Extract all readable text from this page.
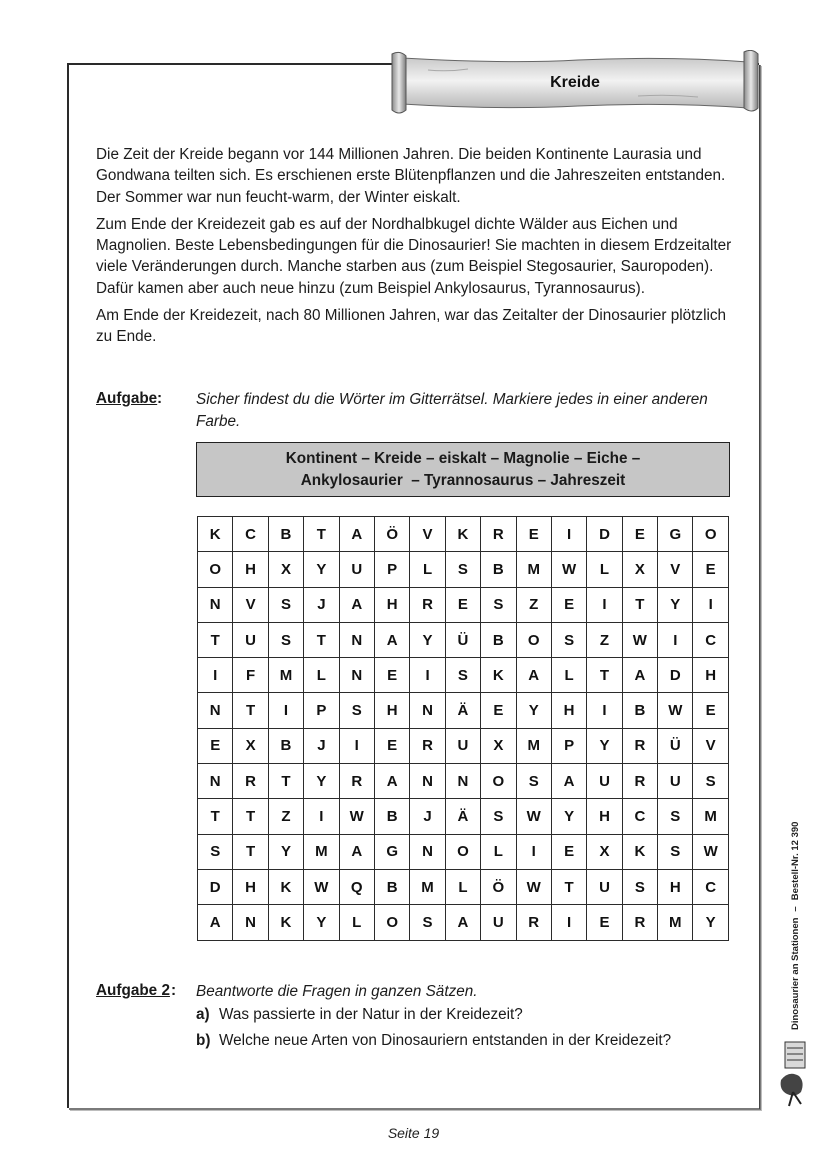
Kreide

Die Zeit der Kreide begann vor 144 Millionen Jahren. Die beiden Kontinente Laurasia und Gondwana teilten sich. Es erschienen erste Blütenpflanzen und die Jahreszeiten entstanden. Der Sommer war nun feucht-warm, der Winter eiskalt.

Zum Ende der Kreidezeit gab es auf der Nordhalbkugel dichte Wälder aus Eichen und Magnolien. Beste Lebensbedingungen für die Dinosaurier! Sie machten in diesem Erdzeitalter viele Veränderungen durch. Manche starben aus (zum Beispiel Stegosaurier, Sauropoden). Dafür kamen aber auch neue hinzu (zum Beispiel Ankylosaurus, Tyrannosaurus).

Am Ende der Kreidezeit, nach 80 Millionen Jahren, war das Zeitalter der Dinosaurier plötzlich zu Ende.

Aufgabe : Sicher findest du die Wörter im Gitterrätsel. Markiere jedes in einer anderen Farbe.
Kontinent – Kreide – eiskalt – Magnolie – Eiche –
Ankylosaurier  – Tyrannosaurus – Jahreszeit
K	C	B	T	A	Ö	V	K	R	E	I	D	E	G	O
O	H	X	Y	U	P	L	S	B	M	W	L	X	V	E
N	V	S	J	A	H	R	E	S	Z	E	I	T	Y	I
T	U	S	T	N	A	Y	Ü	B	O	S	Z	W	I	C
I	F	M	L	N	E	I	S	K	A	L	T	A	D	H
N	T	I	P	S	H	N	Ä	E	Y	H	I	B	W	E
E	X	B	J	I	E	R	U	X	M	P	Y	R	Ü	V
N	R	T	Y	R	A	N	N	O	S	A	U	R	U	S
T	T	Z	I	W	B	J	Ä	S	W	Y	H	C	S	M
S	T	Y	M	A	G	N	O	L	I	E	X	K	S	W
D	H	K	W	Q	B	M	L	Ö	W	T	U	S	H	C
A	N	K	Y	L	O	S	A	U	R	I	E	R	M	Y
Aufgabe 2 : Beantworte die Fragen in ganzen Sätzen.
a) Was passierte in der Natur in der Kreidezeit?
b) Welche neue Arten von Dinosauriern entstanden in der Kreidezeit?
Seite 19
Dinosaurier an Stationen
–
Bestell-Nr. 12 390
